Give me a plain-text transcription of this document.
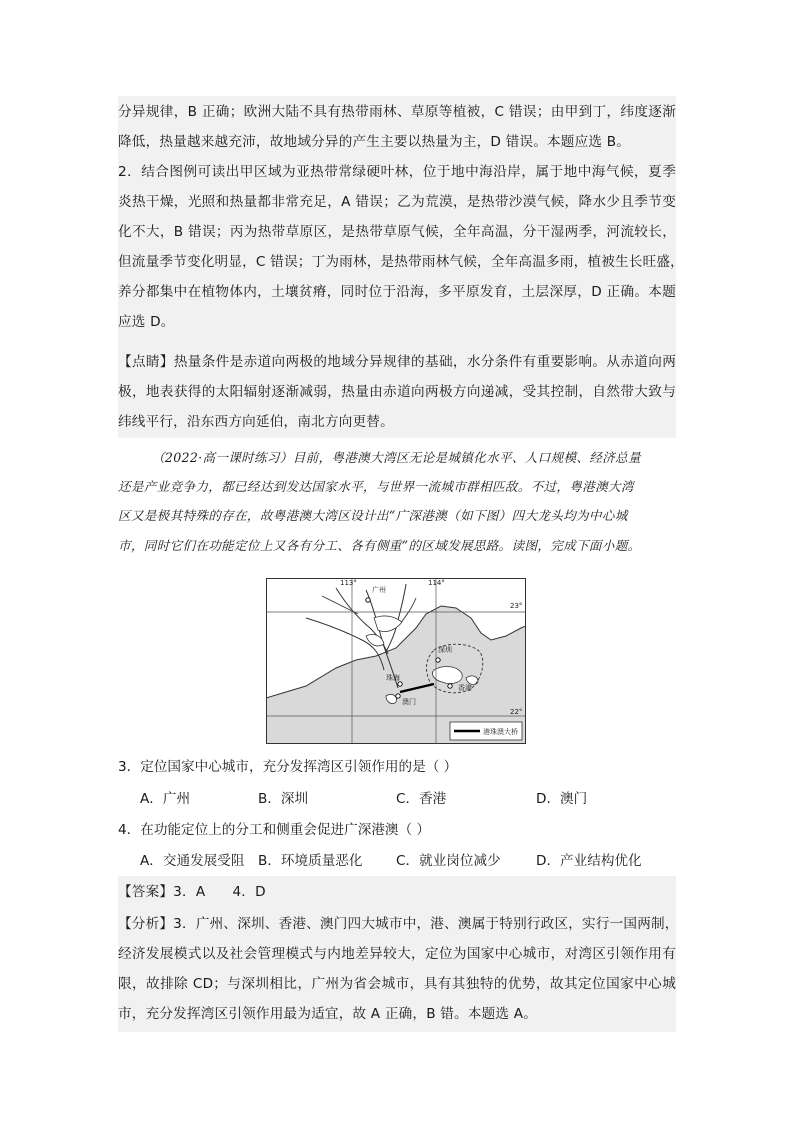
分异规律，B 正确；欧洲大陆不具有热带雨林、草原等植被，C 错误；由甲到丁，纬度逐渐
降低，热量越来越充沛，故地域分异的产生主要以热量为主，D 错误。本题应选 B。
2．结合图例可读出甲区域为亚热带常绿硬叶林，位于地中海沿岸，属于地中海气候，夏季
炎热干燥，光照和热量都非常充足，A 错误；乙为荒漠，是热带沙漠气候，降水少且季节变
化不大，B 错误；丙为热带草原区，是热带草原气候，全年高温，分干湿两季，河流较长，
但流量季节变化明显，C 错误；丁为雨林，是热带雨林气候，全年高温多雨，植被生长旺盛，
养分都集中在植物体内，土壤贫瘠，同时位于沿海，多平原发育，土层深厚，D 正确。本题
应选 D。
【点睛】热量条件是赤道向两极的地域分异规律的基础，水分条件有重要影响。从赤道向两
极，地表获得的太阳辐射逐渐减弱，热量由赤道向两极方向递减，受其控制，自然带大致与
纬线平行，沿东西方向延伯，南北方向更替。
（2022·高一课时练习）目前，粤港澳大湾区无论是城镇化水平、人口规模、经济总量
还是产业竞争力，都已经达到发达国家水平，与世界一流城市群相匹敌。不过，粤港澳大湾
区又是极其特殊的存在，故粤港澳大湾区设计出“广深港澳（如下图）四大龙头均为中心城
市，同时它们在功能定位上又各有分工、各有侧重”的区域发展思路。读图，完成下面小题。
113°	114°
23°
22°
广州
深圳
珠海
澳门
香港
港珠澳大桥
3．定位国家中心城市，充分发挥湾区引领作用的是（ ）
A．广州	B．深圳	C．香港	D．澳门
4．在功能定位上的分工和侧重会促进广深港澳（ ）
A．交通发展受阻 B．环境质量恶化 C．就业岗位减少	D．产业结构优化
【答案】3．A      4．D
【分析】3．广州、深圳、香港、澳门四大城市中，港、澳属于特别行政区，实行一国两制，
经济发展模式以及社会管理模式与内地差异较大，定位为国家中心城市，对湾区引领作用有
限，故排除 CD；与深圳相比，广州为省会城市，具有其独特的优势，故其定位国家中心城
市，充分发挥湾区引领作用最为适宜，故 A 正确，B 错。本题选 A。
